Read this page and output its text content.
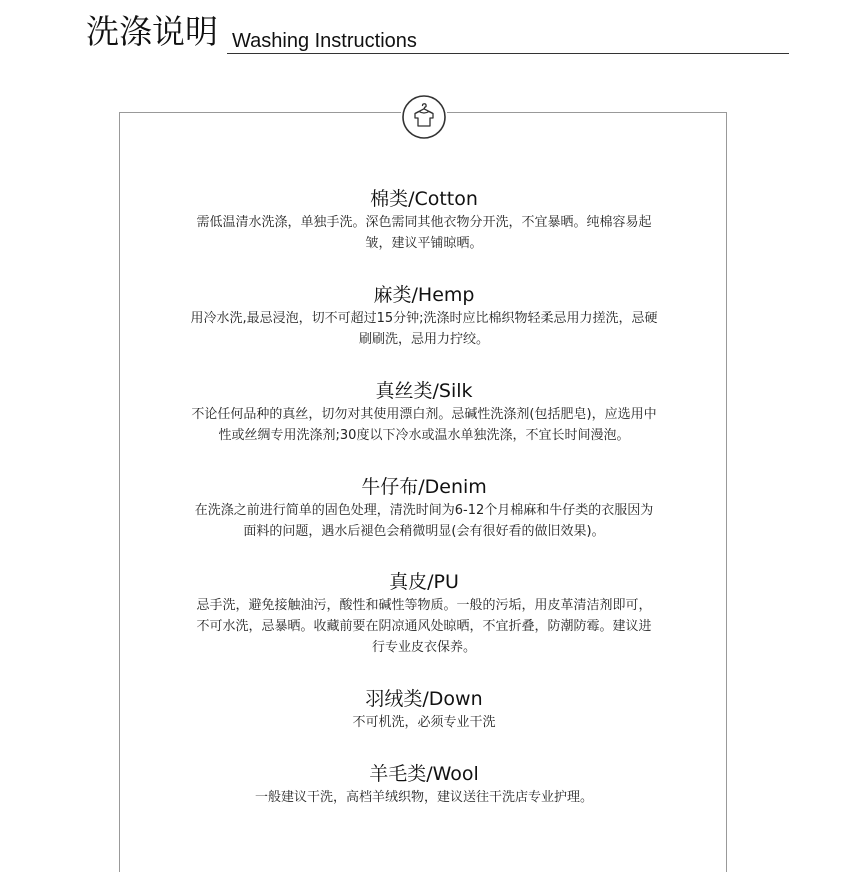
洗涤说明 Washing Instructions
棉类/Cotton
需低温清水洗涤，单独手洗。深色需同其他衣物分开洗，不宜暴晒。纯棉容易起
皱，建议平铺晾晒。
麻类/Hemp
用冷水洗,最忌浸泡，切不可超过15分钟;洗涤时应比棉织物轻柔忌用力搓洗，忌硬
刷刷洗，忌用力拧绞。
真丝类/Silk
不论任何品种的真丝，切勿对其使用漂白剂。忌碱性洗涤剂(包括肥皂)，应选用中
性或丝绸专用洗涤剂;30度以下冷水或温水单独洗涤，不宜长时间漫泡。
牛仔布/Denim
在洗涤之前进行简单的固色处理，清洗时间为6-12个月棉麻和牛仔类的衣服因为
面料的问题，遇水后褪色会稍微明显(会有很好看的做旧效果)。
真皮/PU
忌手洗，避免接触油污，酸性和碱性等物质。一般的污垢，用皮革清洁剂即可，
不可水洗，忌暴晒。收藏前要在阴凉通风处晾晒，不宜折叠，防潮防霉。建议进
行专业皮衣保养。
羽绒类/Down
不可机洗，必须专业干洗
羊毛类/Wool
一般建议干洗，高档羊绒织物，建议送往干洗店专业护理。
